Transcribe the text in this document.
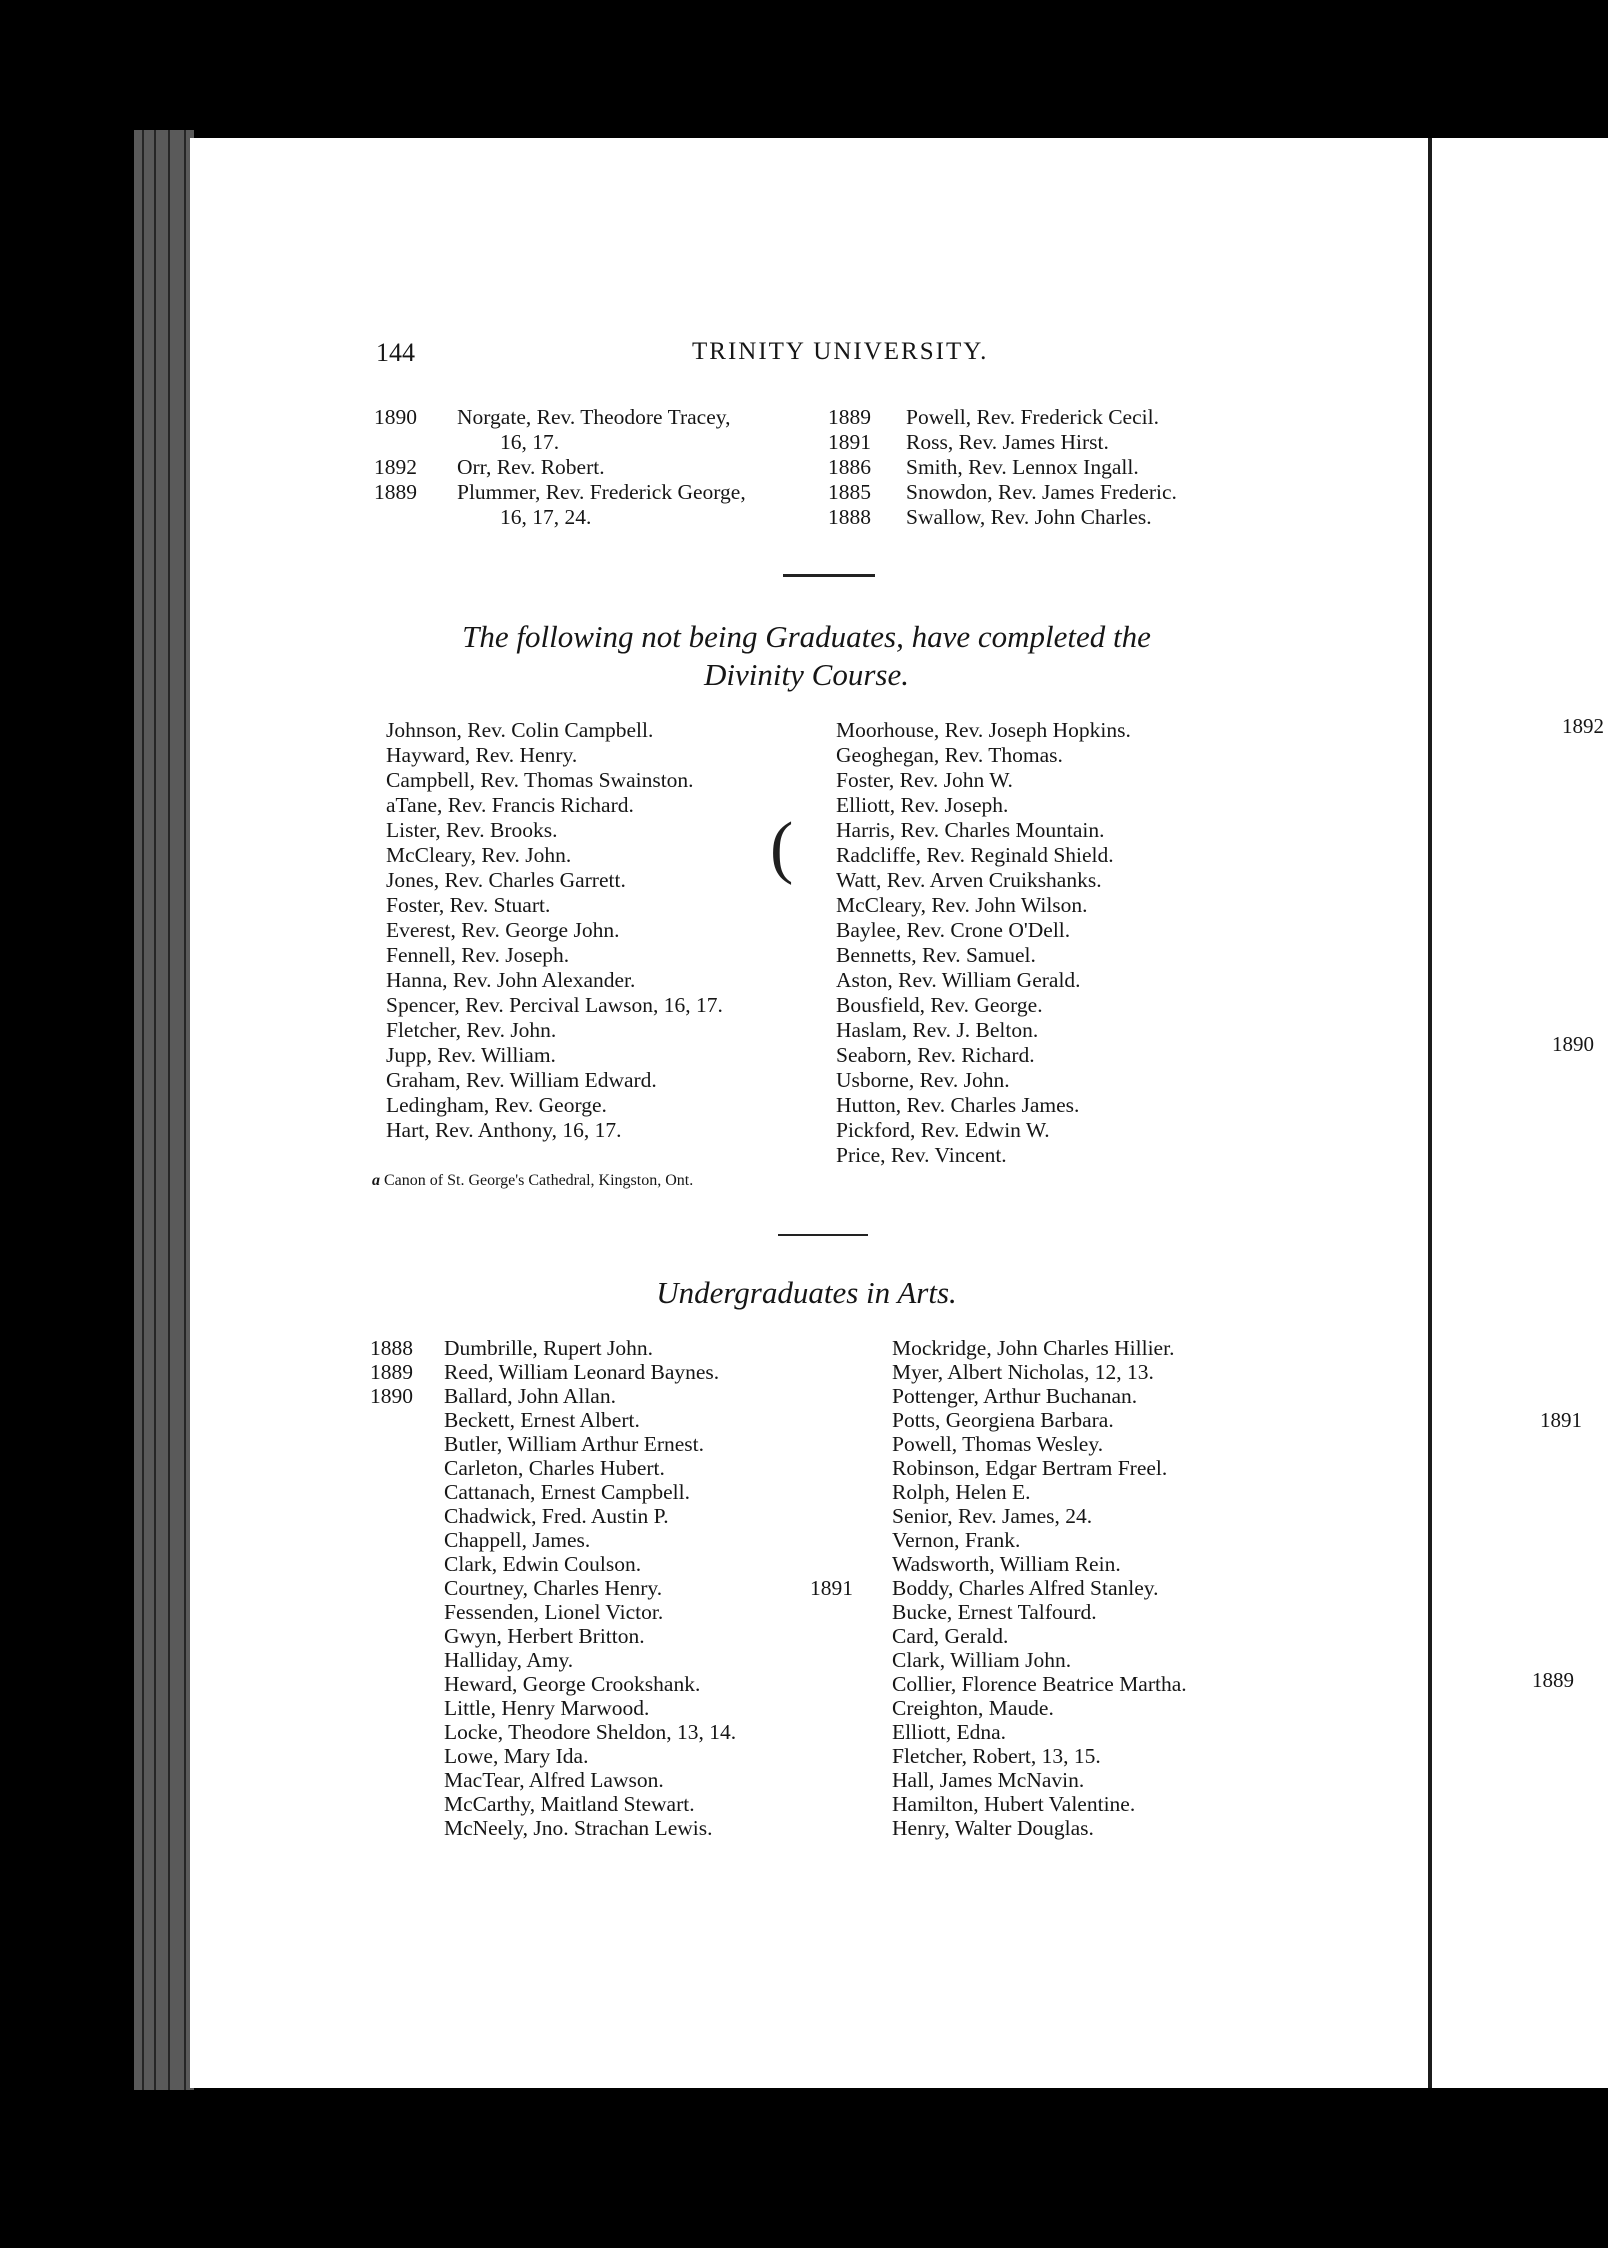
144	TRINITY UNIVERSITY.
1890 Norgate, Rev. Theodore Tracey,
16, 17.
1892 Orr, Rev. Robert.
1889 Plummer, Rev. Frederick George,
16, 17, 24.
1889 Powell, Rev. Frederick Cecil.
1891 Ross, Rev. James Hirst.
1886 Smith, Rev. Lennox Ingall.
1885 Snowdon, Rev. James Frederic.
1888 Swallow, Rev. John Charles.
The following not being Graduates, have completed the
Divinity Course.
Johnson, Rev. Colin Campbell.
Hayward, Rev. Henry.
Campbell, Rev. Thomas Swainston.
aTane, Rev. Francis Richard.
Lister, Rev. Brooks.
McCleary, Rev. John.
Jones, Rev. Charles Garrett.
Foster, Rev. Stuart.
Everest, Rev. George John.
Fennell, Rev. Joseph.
Hanna, Rev. John Alexander.
Spencer, Rev. Percival Lawson, 16, 17.
Fletcher, Rev. John.
Jupp, Rev. William.
Graham, Rev. William Edward.
Ledingham, Rev. George.
Hart, Rev. Anthony, 16, 17.
Moorhouse, Rev. Joseph Hopkins.
Geoghegan, Rev. Thomas.
Foster, Rev. John W.
Elliott, Rev. Joseph.
Harris, Rev. Charles Mountain.
Radcliffe, Rev. Reginald Shield.
Watt, Rev. Arven Cruikshanks.
McCleary, Rev. John Wilson.
Baylee, Rev. Crone O'Dell.
Bennetts, Rev. Samuel.
Aston, Rev. William Gerald.
Bousfield, Rev. George.
Haslam, Rev. J. Belton.
Seaborn, Rev. Richard.
Usborne, Rev. John.
Hutton, Rev. Charles James.
Pickford, Rev. Edwin W.
Price, Rev. Vincent.
a Canon of St. George's Cathedral, Kingston, Ont.
Undergraduates in Arts.
1888 Dumbrille, Rupert John.
1889 Reed, William Leonard Baynes.
1890 Ballard, John Allan.
Beckett, Ernest Albert.
Butler, William Arthur Ernest.
Carleton, Charles Hubert.
Cattanach, Ernest Campbell.
Chadwick, Fred. Austin P.
Chappell, James.
Clark, Edwin Coulson.
Courtney, Charles Henry.
Fessenden, Lionel Victor.
Gwyn, Herbert Britton.
Halliday, Amy.
Heward, George Crookshank.
Little, Henry Marwood.
Locke, Theodore Sheldon, 13, 14.
Lowe, Mary Ida.
MacTear, Alfred Lawson.
McCarthy, Maitland Stewart.
McNeely, Jno. Strachan Lewis.
Mockridge, John Charles Hillier.
Myer, Albert Nicholas, 12, 13.
Pottenger, Arthur Buchanan.
Potts, Georgiena Barbara.
Powell, Thomas Wesley.
Robinson, Edgar Bertram Freel.
Rolph, Helen E.
Senior, Rev. James, 24.
Vernon, Frank.
Wadsworth, William Rein.
1891 Boddy, Charles Alfred Stanley.
Bucke, Ernest Talfourd.
Card, Gerald.
Clark, William John.
Collier, Florence Beatrice Martha.
Creighton, Maude.
Elliott, Edna.
Fletcher, Robert, 13, 15.
Hall, James McNavin.
Hamilton, Hubert Valentine.
Henry, Walter Douglas.
1892
1890
1891
1889
(
